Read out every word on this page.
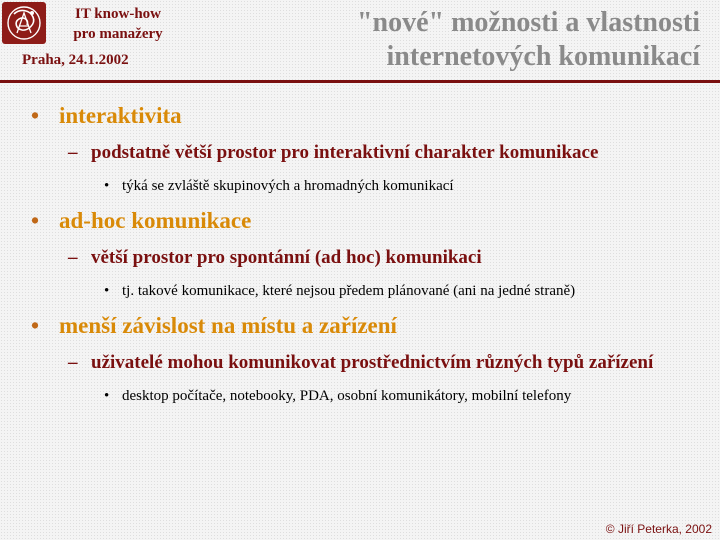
IT know-how
pro manažery
Praha, 24.1.2002
"nové" možnosti a vlastnosti
internetových komunikací
• interaktivita
– podstatně větší prostor pro interaktivní charakter komunikace
• týká se zvláště skupinových a hromadných komunikací
• ad-hoc komunikace
– větší prostor pro spontánní (ad hoc) komunikaci
• tj. takové komunikace, které nejsou předem plánované (ani na jedné straně)
• menší závislost na místu a zařízení
– uživatelé mohou komunikovat prostřednictvím různých typů zařízení
• desktop počítače, notebooky, PDA, osobní komunikátory, mobilní telefony
© Jiří Peterka, 2002
